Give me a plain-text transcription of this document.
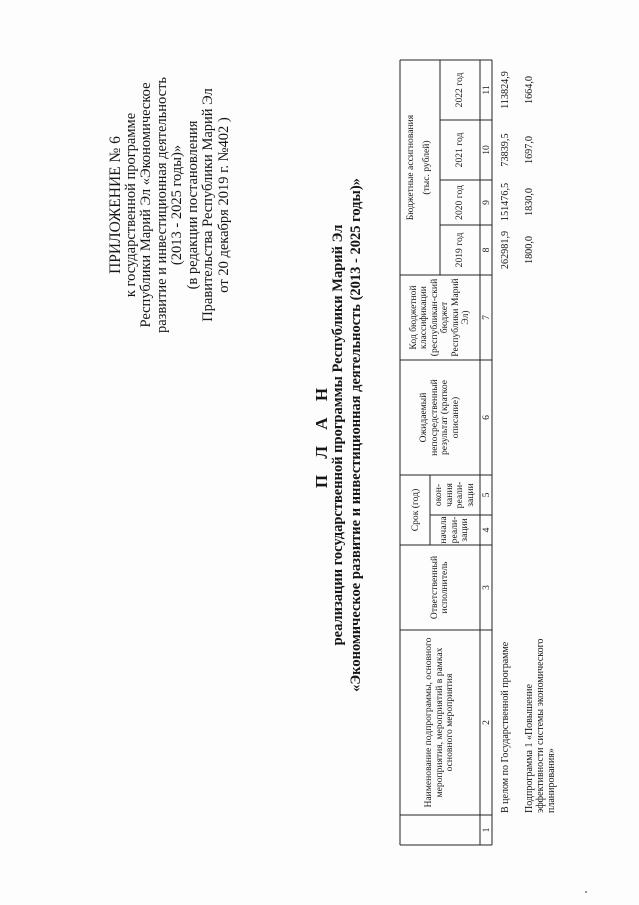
ПРИЛОЖЕНИЕ № 6
к государственной программе Республики Марий Эл «Экономическое развитие и инвестиционная деятельность (2013 - 2025 годы)» (в редакции постановления Правительства Республики Марий Эл от 20 декабря 2019 г. №402 )
П Л А Н реализации государственной программы Республики Марий Эл «Экономическое развитие и инвестиционная деятельность (2013 - 2025 годы)»
Наименование подпрограммы, основного мероприятия, мероприятий в рамках основного мероприятия
Ответственный исполнитель
Срок (год)	начала реали-зации
окон-чания реали-зации
Ожидаемый непосредственный результат (краткое описание)
Код бюджетной классификации (республикан-ский бюджет Республики Марий Эл)
Бюджетные ассигнования (тыс. рублей)
2019 год
2020 год
2021 год
2022 год
1
2
3
4
5
6
7
8
9
10
11
В целом по Государственной программе
262981,9
151476,5
73839,5
113824,9
Подпрограмма 1 «Повышение эффективности системы экономического планирования»
1800,0
1830,0
1697,0
1664,0
